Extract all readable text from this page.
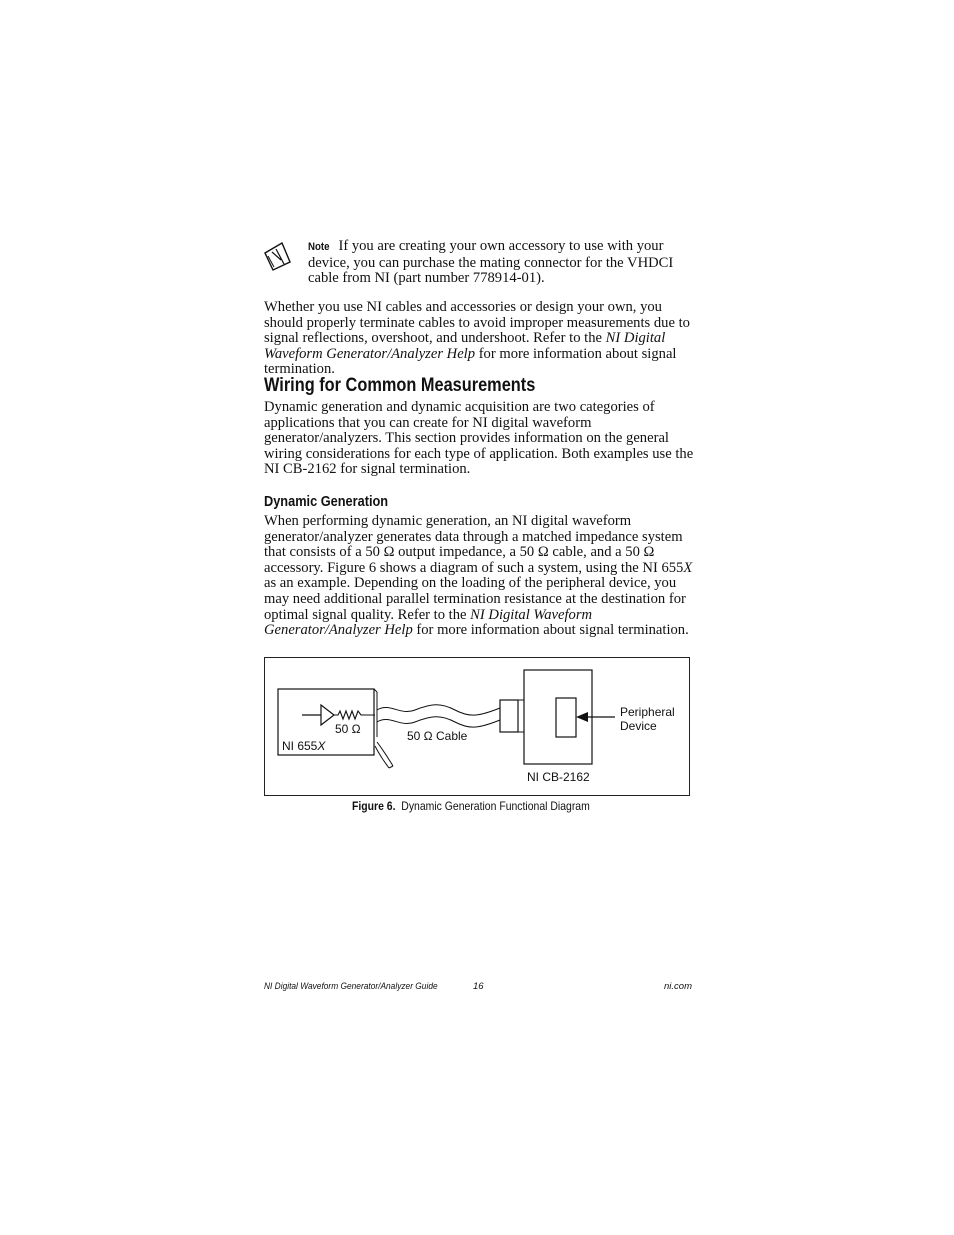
Note If you are creating your own accessory to use with your device, you can purchase the mating connector for the VHDCI cable from NI (part number 778914-01).
Whether you use NI cables and accessories or design your own, you should properly terminate cables to avoid improper measurements due to signal reflections, overshoot, and undershoot. Refer to the NI Digital Waveform Generator/Analyzer Help for more information about signal termination.
Wiring for Common Measurements
Dynamic generation and dynamic acquisition are two categories of applications that you can create for NI digital waveform generator/analyzers. This section provides information on the general wiring considerations for each type of application. Both examples use the NI CB-2162 for signal termination.
Dynamic Generation
When performing dynamic generation, an NI digital waveform generator/analyzer generates data through a matched impedance system that consists of a 50 Ω output impedance, a 50 Ω cable, and a 50 Ω accessory. Figure 6 shows a diagram of such a system, using the NI 655X as an example. Depending on the loading of the peripheral device, you may need additional parallel termination resistance at the destination for optimal signal quality. Refer to the NI Digital Waveform Generator/Analyzer Help for more information about signal termination.
50 Ω
NI 655X
50 Ω Cable
Peripheral
Device
NI CB-2162
Figure 6. Dynamic Generation Functional Diagram
NI Digital Waveform Generator/Analyzer Guide	16	ni.com
